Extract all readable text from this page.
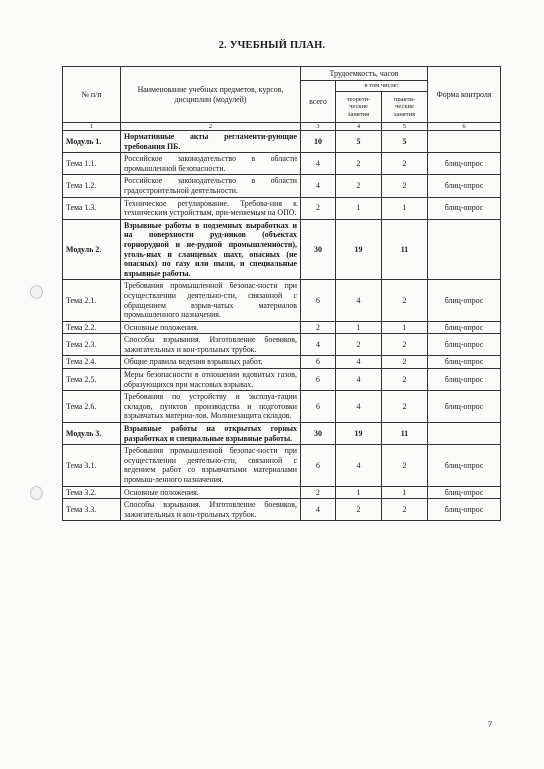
2. УЧЕБНЫЙ ПЛАН.
№ п/п	Наименование учебных предметов, курсов, дисциплин (модулей)	Трудоемкость, часов			Форма контроля
		всего	в том числе:		
			теорети-ческие занятия	практи-ческие занятия	
1	2	3	4	5	6
Модуль 1.	Нормативные акты регламенти-рующие требования ПБ.	10	5	5	
Тема 1.1.	Российское законодательство в области промышленной безопасности.	4	2	2	блиц-опрос
Тема 1.2.	Российское законодательство в области градостроительной деятельности.	4	2	2	блиц-опрос
Тема 1.3.	Техническое регулирование. Требова-ния к техническим устройствам, при-меняемым на ОПО.	2	1	1	блиц-опрос
Модуль 2.	Взрывные работы в подземных выработках и на поверхности руд-ников (объектах горнорудной и не-рудной промышленности), уголь-ных и сланцевых шахт, опасных (не опасных) по газу или пыли, и специальные взрывные работы.	30	19	11	
Тема 2.1.	Требования промышленной безопас-ности при осуществлении деятельно-сти, связанной с обращением взрыв-чатых материалов промышленного назначения.	6	4	2	блиц-опрос
Тема 2.2.	Основные положения.	2	1	1	блиц-опрос
Тема 2.3.	Способы взрывания. Изготовление боевиков, зажигательных и кон-трольных трубок.	4	2	2	блиц-опрос
Тема 2.4.	Общие правила ведения взрывных работ.	6	4	2	блиц-опрос
Тема 2.5.	Меры безопасности в отношении ядовитых газов, образующихся при массовых взрывах.	6	4	2	блиц-опрос
Тема 2.6.	Требования по устройству и эксплуа-тации складов, пунктов производства и подготовки взрывчатых материа-лов. Молниезащита складов.	6	4	2	блиц-опрос
Модуль 3.	Взрывные работы на открытых горных разработках и специальные взрывные работы.	30	19	11	
Тема 3.1.	Требования промышленной безопас-ности при осуществлении деятельно-сти, связанной с ведением работ со взрывчатыми материалами промыш-ленного назначения.	6	4	2	блиц-опрос
Тема 3.2.	Основные положения.	2	1	1	блиц-опрос
Тема 3.3.	Способы взрывания. Изготовление боевиков, зажигательных и кон-трольных трубок.	4	2	2	блиц-опрос
7
